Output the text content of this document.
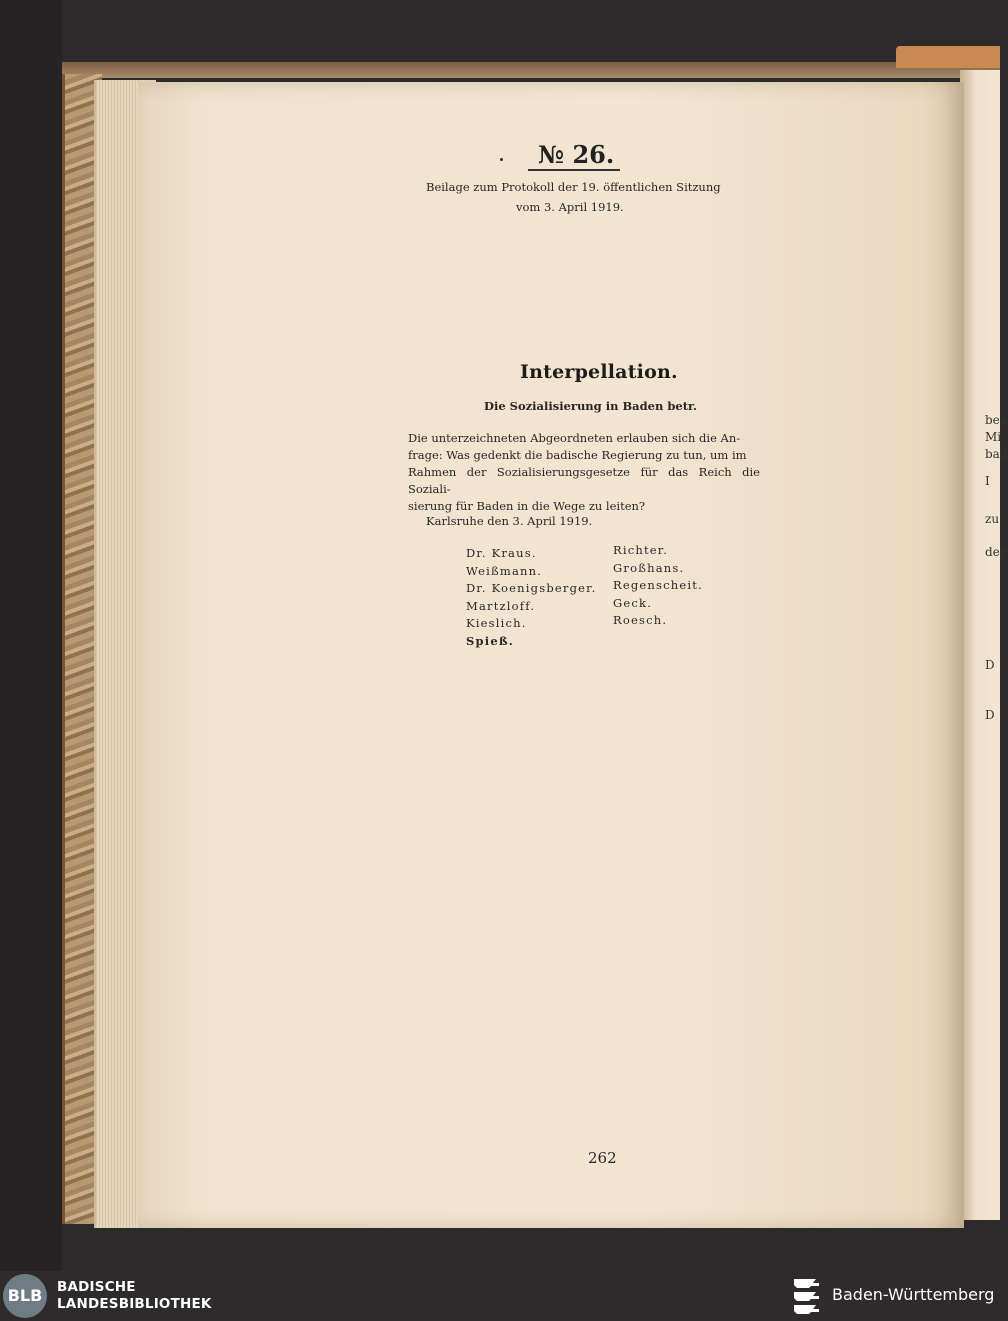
bea
Mi
bad
I
zu
der
D
D
№ 26.
Beilage zum Protokoll der 19. öffentlichen Sitzung
vom 3. April 1919.
Interpellation.
Die Sozialisierung in Baden betr.
Die unterzeichneten Abgeordneten erlauben sich die An-
frage: Was gedenkt die badische Regierung zu tun, um im
Rahmen der Sozialisierungsgesetze für das Reich die Soziali-
sierung für Baden in die Wege zu leiten?
Karlsruhe den 3. April 1919.
Dr. Kraus.
Weißmann.
Dr. Koenigsberger.
Martzloff.
Kieslich.
Spieß.
Richter.
Großhans.
Regenscheit.
Geck.
Roesch.
262
BLB	BADISCHE
LANDESBIBLIOTHEK	Baden-Württemberg
